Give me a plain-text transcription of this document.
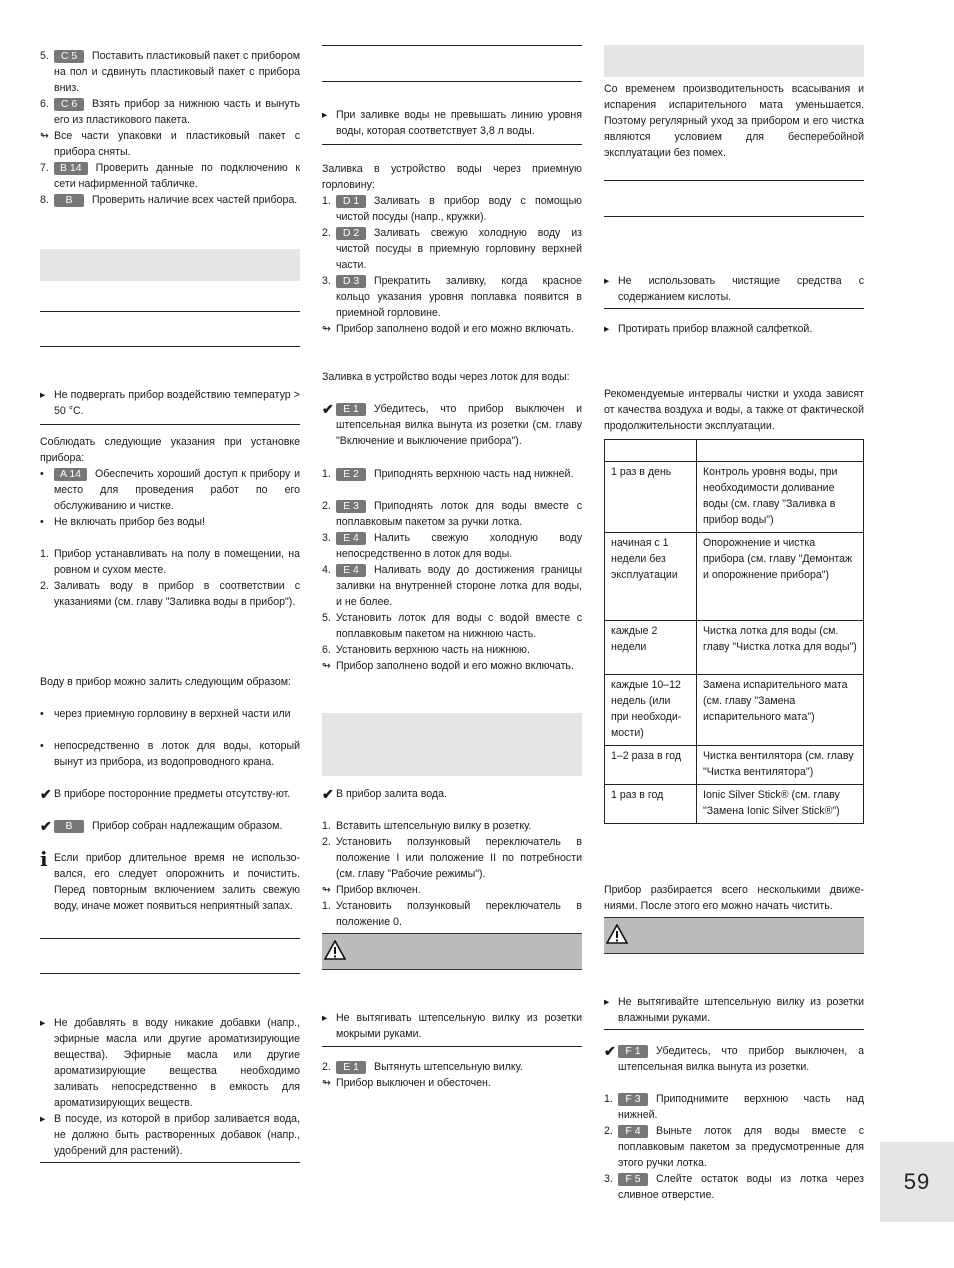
5. C 5 Поставить пластиковый пакет с прибором на пол и сдвинуть пластиковый пакет с прибора вниз.
6. C 6 Взять прибор за нижнюю часть и вынуть его из пластикового пакета.
↬ Все части упаковки и пластиковый пакет с прибора сняты.
7. B 14 Проверить данные по подключению к сети нафирменной табличке.
8. B Проверить наличие всех частей прибора.
▸ Не подвергать прибор воздействию температур > 50 °C.
Соблюдать следующие указания при установке прибора:
• A 14 Обеспечить хороший доступ к прибору и место для проведения работ по его обслуживанию и чистке.
• Не включать прибор без воды!
1. Прибор устанавливать на полу в помещении, на ровном и сухом месте.
2. Заливать воду в прибор в соответствии с указаниями (см. главу "Заливка воды в прибор").
Воду в прибор можно залить следующим образом:
• через приемную горловину в верхней части или
• непосредственно в лоток для воды, который вынут из прибора, из водопроводного крана.
✔ В приборе посторонние предметы отсутству-ют.
✔ B Прибор собран надлежащим образом.
i Если прибор длительное время не использо-вался, его следует опорожнить и почистить. Перед повторным включением залить свежую воду, иначе может появиться неприятный запах.
▸ Не добавлять в воду никакие добавки (напр., эфирные масла или другие ароматизирующие вещества). Эфирные масла или другие ароматизирующие вещества необходимо заливать непосредственно в емкость для ароматизирующих веществ.
▸ В посуде, из которой в прибор заливается вода, не должно быть растворенных добавок (напр., удобрений для растений).
▸ При заливке воды не превышать линию уровня воды, которая соответствует 3,8 л воды.
Заливка в устройство воды через приемную горловину:
1. D 1 Заливать в прибор воду с помощью чистой посуды (напр., кружки).
2. D 2 Заливать свежую холодную воду из чистой посуды в приемную горловину верхней части.
3. D 3 Прекратить заливку, когда красное кольцо указания уровня поплавка появится в приемной горловине.
↬ Прибор заполнено водой и его можно включать.
Заливка в устройство воды через лоток для воды:
✔ E 1 Убедитесь, что прибор выключен и штепсельная вилка вынута из розетки (см. главу "Включение и выключение прибора").
1. E 2 Приподнять верхнюю часть над нижней.
2. E 3 Приподнять лоток для воды вместе с поплавковым пакетом за ручки лотка.
3. E 4 Налить свежую холодную воду непосредственно в лоток для воды.
4. E 4 Наливать воду до достижения границы заливки на внутренней стороне лотка для воды, и не более.
5. Установить лоток для воды с водой вместе с поплавковым пакетом на нижнюю часть.
6. Установить верхнюю часть на нижнюю.
↬ Прибор заполнено водой и его можно включать.
✔ В прибор залита вода.
1. Вставить штепсельную вилку в розетку.
2. Установить ползунковый переключатель в положение I или положение II по потребности (см. главу "Рабочие режимы").
↬ Прибор включен.
1. Установить ползунковый переключатель в положение 0.
▸ Не вытягивать штепсельную вилку из розетки мокрыми руками.
2. E 1 Вытянуть штепсельную вилку.
↬ Прибор выключен и обесточен.
Со временем производительность всасывания и испарения испарительного мата уменьшается. Поэтому регулярный уход за прибором и его чистка являются условием для бесперебойной эксплуатации без помех.
▸ Не использовать чистящие средства с содержанием кислоты.
▸ Протирать прибор влажной салфеткой.
Рекомендуемые интервалы чистки и ухода зависят от качества воздуха и воды, а также от фактической продолжительности эксплуатации.

1 раз в день	Контроль уровня воды, при необходимости доливание воды (см. главу "Заливка в прибор воды")
начиная с 1 недели без эксплуатации	Опорожнение и чистка прибора (см. главу "Демонтаж и опорожнение прибора")
каждые 2 недели	Чистка лотка для воды (см. главу "Чистка лотка для воды")
каждые 10–12 недель (или при необходи-мости)	Замена испарительного мата (см. главу "Замена испарительного мата")
1–2 раза в год	Чистка вентилятора (см. главу "Чистка вентилятора")
1 раз в год	Ionic Silver Stick® (см. главу "Замена Ionic Silver Stick®")
Прибор разбирается всего несколькими движе-ниями. После этого его можно начать чистить.
▸ Не вытягивайте штепсельную вилку из розетки влажными руками.
✔ F 1 Убедитесь, что прибор выключен, а штепсельная вилка вынута из розетки.
1. F 3 Приподнимите верхнюю часть над нижней.
2. F 4 Выньте лоток для воды вместе с поплавковым пакетом за предусмотренные для этого ручки лотка.
3. F 5 Слейте остаток воды из лотка через сливное отверстие.
59
